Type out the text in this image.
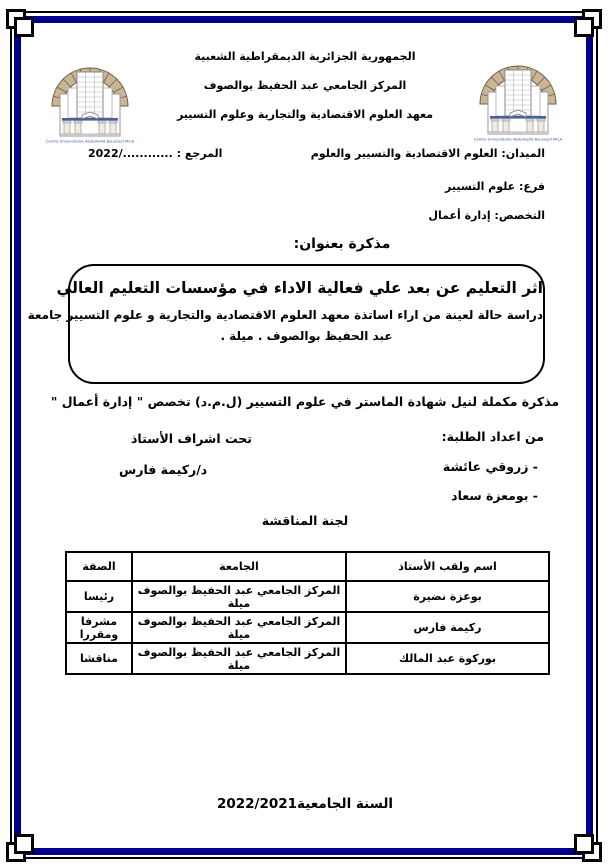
Centre Universitaire Abdelhafid Boussouf MILA	Centre Universitaire Abdelhafid Boussouf MILA
الجمهورية الجزائرية الديمقراطية الشعبية
المركز الجامعي عبد الحفيظ بوالصوف
معهد العلوم الاقتصادية والتجارية وعلوم التسيير
الميدان: العلوم الاقتصادية والتسيير والعلوم
المرجع : ............/2022
فرع: علوم التسيير
التخصص: إدارة أعمال
مذكرة بعنوان:
اثر التعليم عن بعد علي فعالية الاداء في مؤسسات التعليم العالي
دراسة حالة لعينة من اراء اساتذة معهد العلوم الاقتصادية والتجارية و علوم التسيير جامعة
عبد الحفيظ بوالصوف . ميلة .
مذكرة مكملة لنيل شهادة الماستر في علوم التسيير (ل.م.د) تخصص " إدارة أعمال "
من اعداد الطلبة:
تحت اشراف الأستاذ
- زروقي عائشة
- بومعزة سعاد
د/ركيمة فارس
لجنة المناقشة
اسم ولقب الأستاذ	الجامعة	الصفة
بوعزة نضيرة	المركز الجامعي عبد الحفيظ بوالصوف ميلة	رئيسا
ركيمة فارس	المركز الجامعي عبد الحفيظ بوالصوف ميلة	مشرفا ومقررا
بوركوة عبد المالك	المركز الجامعي عبد الحفيظ بوالصوف ميلة	مناقشا
السنة الجامعية2022/2021
